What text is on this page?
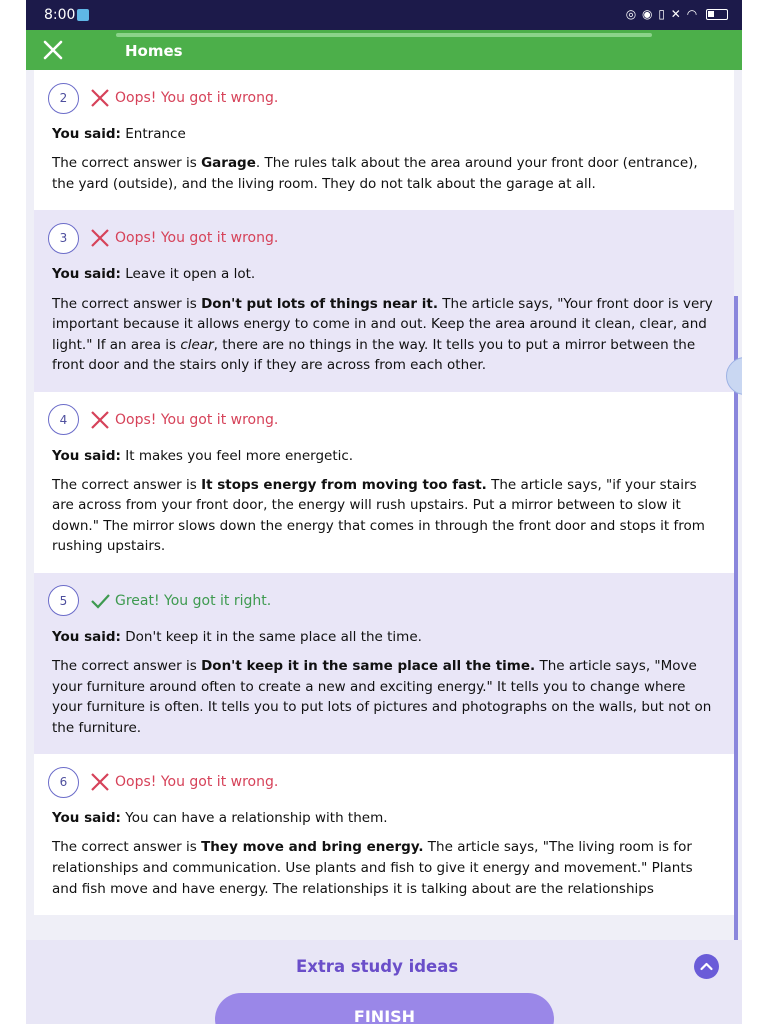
8:00	◎ ◉ ▯ ✕ ◠
Homes
2	Oops! You got it wrong.

You said: Entrance

The correct answer is Garage. The rules talk about the area around your front door (entrance), the yard (outside), and the living room. They do not talk about the garage at all.

3	Oops! You got it wrong.

You said: Leave it open a lot.

The correct answer is Don't put lots of things near it. The article says, "Your front door is very important because it allows energy to come in and out. Keep the area around it clean, clear, and light." If an area is clear, there are no things in the way. It tells you to put a mirror between the front door and the stairs only if they are across from each other.

4	Oops! You got it wrong.

You said: It makes you feel more energetic.

The correct answer is It stops energy from moving too fast. The article says, "if your stairs are across from your front door, the energy will rush upstairs. Put a mirror between to slow it down." The mirror slows down the energy that comes in through the front door and stops it from rushing upstairs.

5	Great! You got it right.

You said: Don't keep it in the same place all the time.

The correct answer is Don't keep it in the same place all the time. The article says, "Move your furniture around often to create a new and exciting energy." It tells you to change where your furniture is often. It tells you to put lots of pictures and photographs on the walls, but not on the furniture.

6	Oops! You got it wrong.

You said: You can have a relationship with them.

The correct answer is They move and bring energy. The article says, "The living room is for relationships and communication. Use plants and fish to give it energy and movement." Plants and fish move and have energy. The relationships it is talking about are the relationships

Extra study ideas
FINISH
